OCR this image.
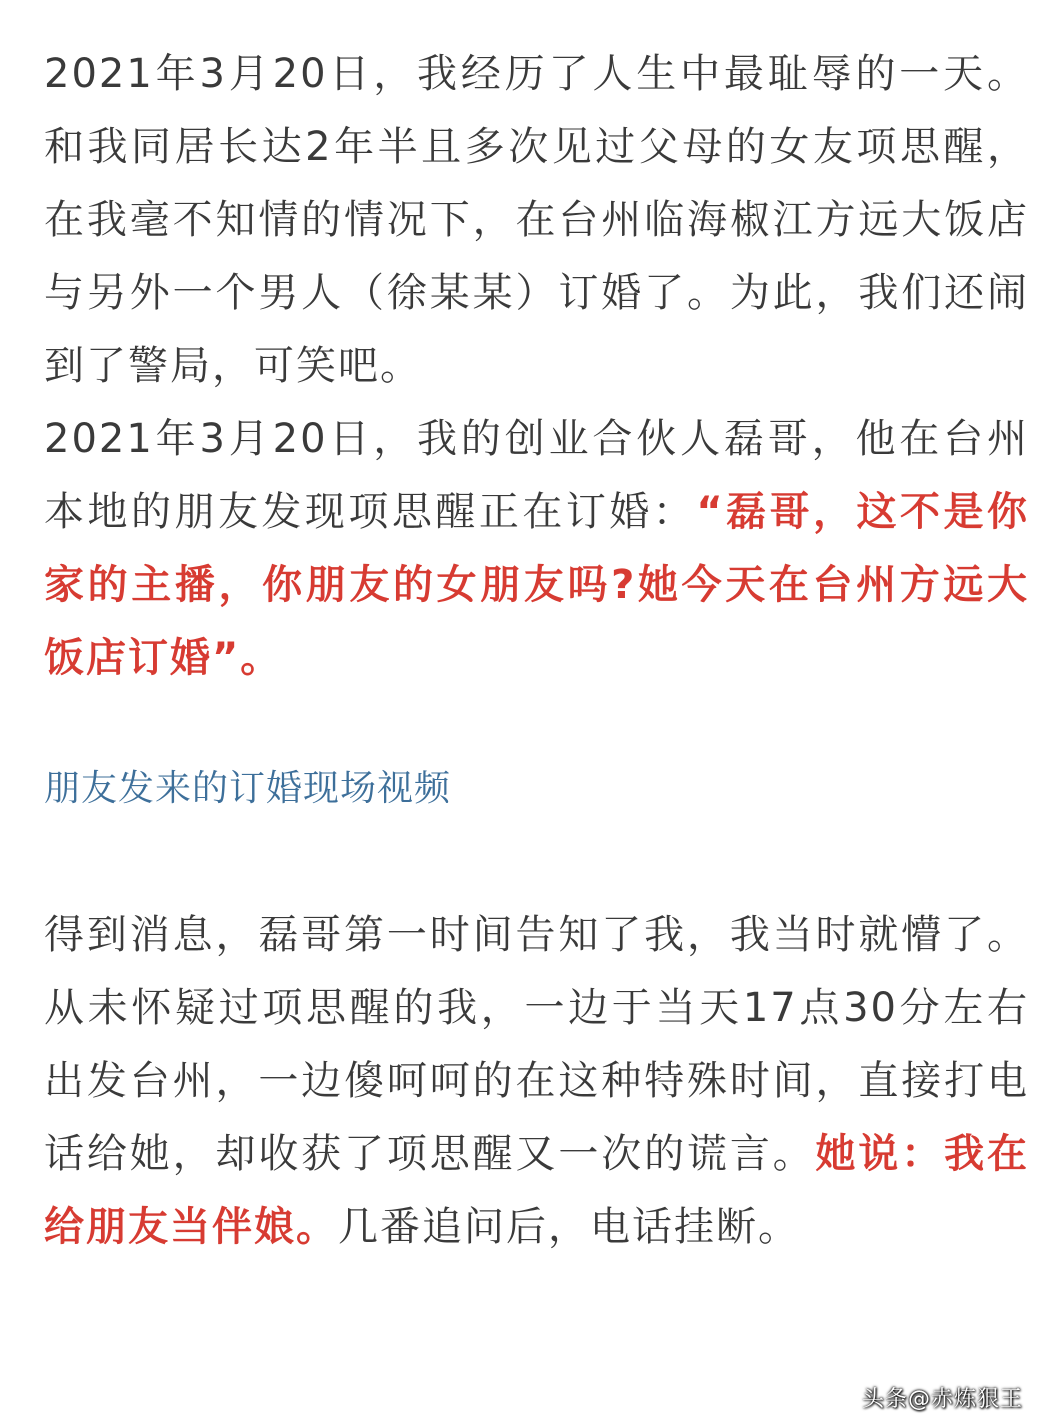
2021年3月20日，我经历了人生中最耻辱的一天。和我同居长达2年半且多次见过父母的女友项思醒，在我毫不知情的情况下，在台州临海椒江方远大饭店与另外一个男人（徐某某）订婚了。为此，我们还闹到了警局，可笑吧。

2021年3月20日，我的创业合伙人磊哥，他在台州本地的朋友发现项思醒正在订婚：“磊哥，这不是你家的主播，你朋友的女朋友吗?她今天在台州方远大饭店订婚”。

朋友发来的订婚现场视频

得到消息，磊哥第一时间告知了我，我当时就懵了。从未怀疑过项思醒的我，一边于当天17点30分左右出发台州，一边傻呵呵的在这种特殊时间，直接打电话给她，却收获了项思醒又一次的谎言。她说：我在给朋友当伴娘。几番追问后，电话挂断。

头条@赤炼狠王
